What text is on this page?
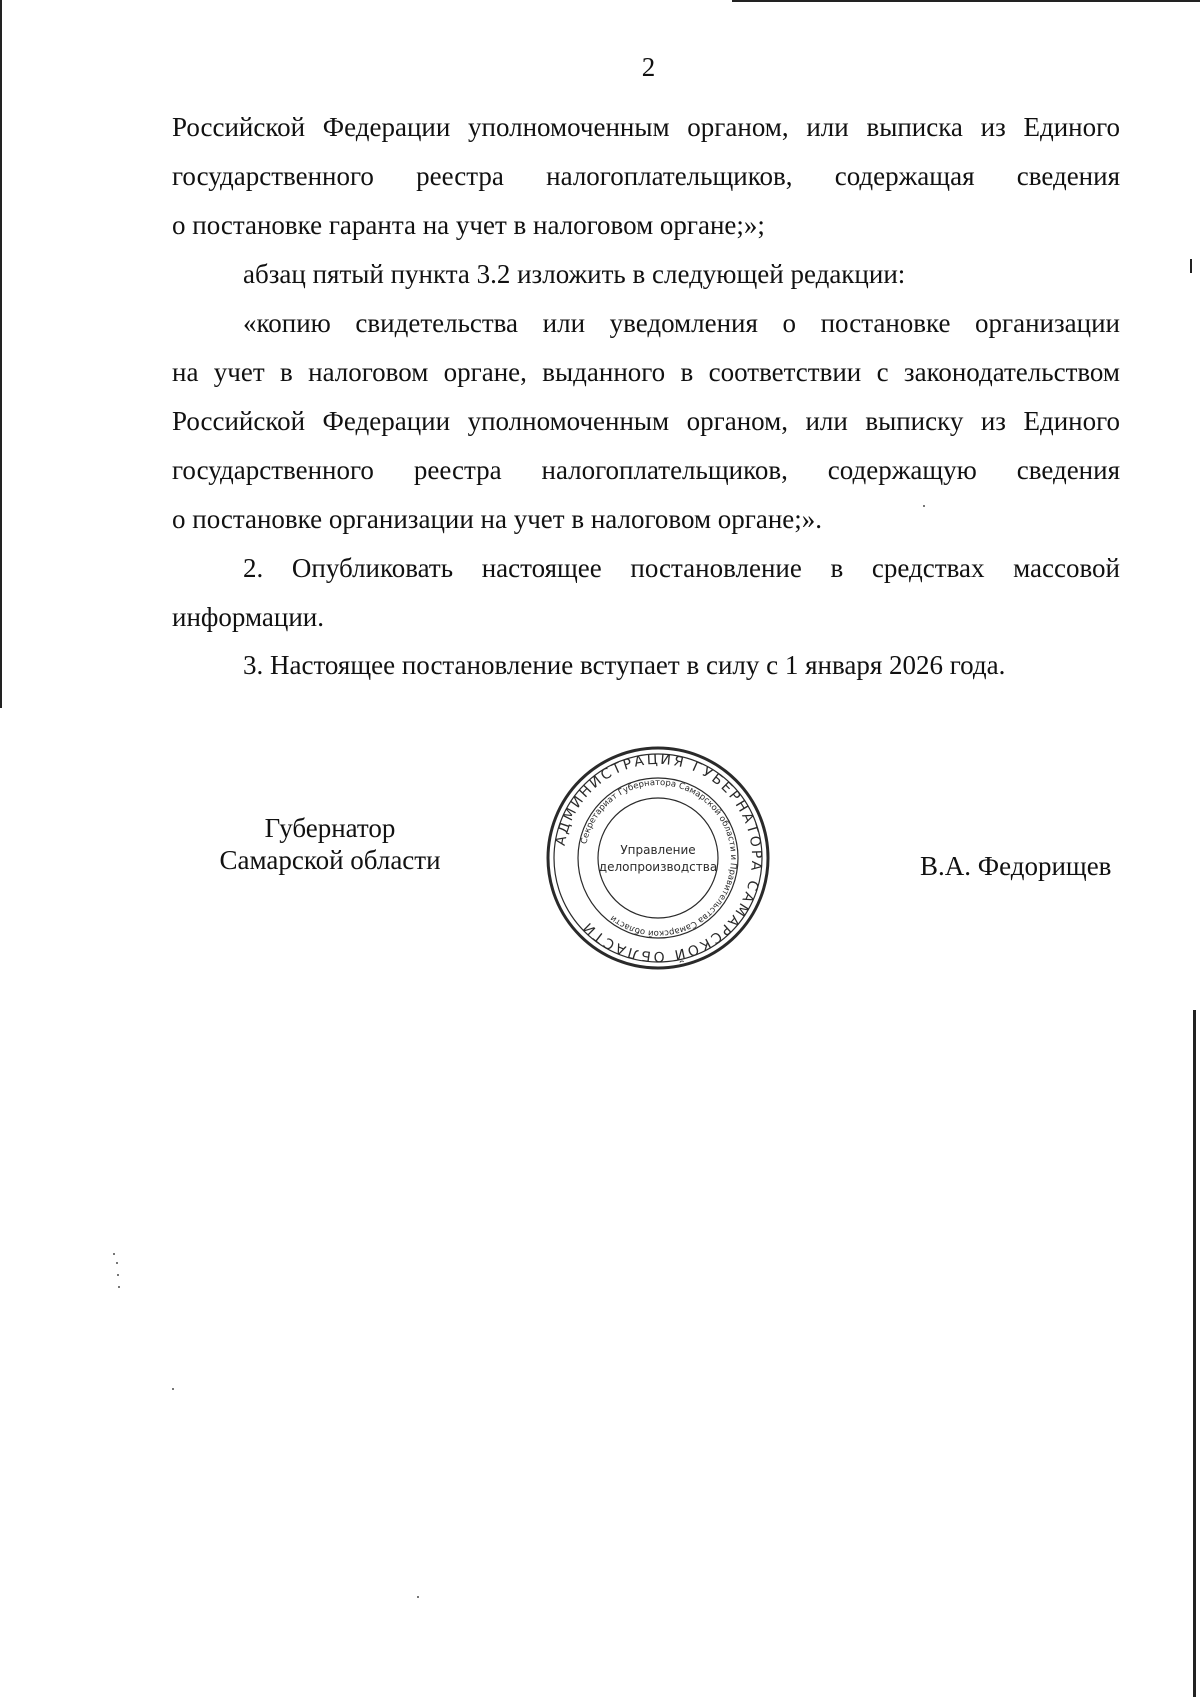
2
Российской Федерации уполномоченным органом, или выписка из Единого
государственного реестра налогоплательщиков, содержащая сведения
о постановке гаранта на учет в налоговом органе;»;
абзац пятый пункта 3.2 изложить в следующей редакции:
«копию свидетельства или уведомления о постановке организации
на учет в налоговом органе, выданного в соответствии с законодательством
Российской Федерации уполномоченным органом, или выписку из Единого
государственного реестра налогоплательщиков, содержащую сведения
о постановке организации на учет в налоговом органе;».
2. Опубликовать настоящее постановление в средствах массовой
информации.
3. Настоящее постановление вступает в силу с 1 января 2026 года.
Губернатор
Самарской области	В.А. Федорищев
АДМИНИСТРАЦИЯ ГУБЕРНАТОРА САМАРСКОЙ ОБЛАСТИ
Секретариат Губернатора Самарской области и Правительства Самарской области
Управление
делопроизводства
